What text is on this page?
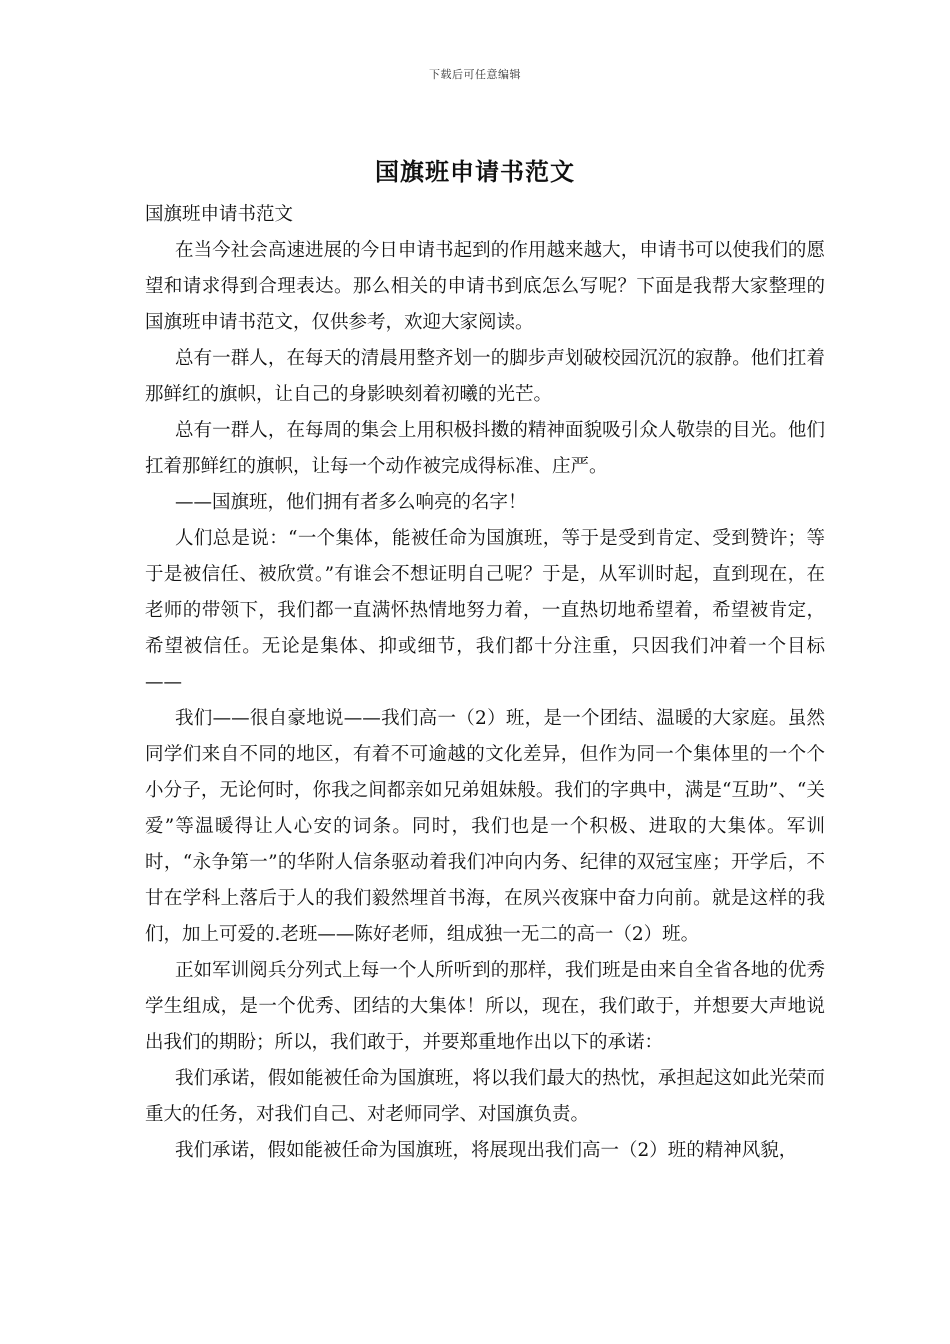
下载后可任意编辑
国旗班申请书范文

国旗班申请书范文

在当今社会高速进展的今日申请书起到的作用越来越大，申请书可以使我们的愿望和请求得到合理表达。那么相关的申请书到底怎么写呢？下面是我帮大家整理的国旗班申请书范文，仅供参考，欢迎大家阅读。

总有一群人，在每天的清晨用整齐划一的脚步声划破校园沉沉的寂静。他们扛着那鲜红的旗帜，让自己的身影映刻着初曦的光芒。

总有一群人，在每周的集会上用积极抖擞的精神面貌吸引众人敬崇的目光。他们扛着那鲜红的旗帜，让每一个动作被完成得标准、庄严。

——国旗班，他们拥有者多么响亮的名字！

人们总是说：“一个集体，能被任命为国旗班，等于是受到肯定、受到赞许；等于是被信任、被欣赏。”有谁会不想证明自己呢？于是，从军训时起，直到现在，在老师的带领下，我们都一直满怀热情地努力着，一直热切地希望着，希望被肯定，希望被信任。无论是集体、抑或细节，我们都十分注重，只因我们冲着一个目标——

我们——很自豪地说——我们高一（2）班，是一个团结、温暖的大家庭。虽然同学们来自不同的地区，有着不可逾越的文化差异，但作为同一个集体里的一个个小分子，无论何时，你我之间都亲如兄弟姐妹般。我们的字典中，满是“互助”、“关爱”等温暖得让人心安的词条。同时，我们也是一个积极、进取的大集体。军训时，“永争第一”的华附人信条驱动着我们冲向内务、纪律的双冠宝座；开学后，不甘在学科上落后于人的我们毅然埋首书海，在夙兴夜寐中奋力向前。就是这样的我们，加上可爱的.老班——陈好老师，组成独一无二的高一（2）班。

正如军训阅兵分列式上每一个人所听到的那样，我们班是由来自全省各地的优秀学生组成，是一个优秀、团结的大集体！所以，现在，我们敢于，并想要大声地说出我们的期盼；所以，我们敢于，并要郑重地作出以下的承诺：

我们承诺，假如能被任命为国旗班，将以我们最大的热忱，承担起这如此光荣而重大的任务，对我们自己、对老师同学、对国旗负责。

我们承诺，假如能被任命为国旗班，将展现出我们高一（2）班的精神风貌，
